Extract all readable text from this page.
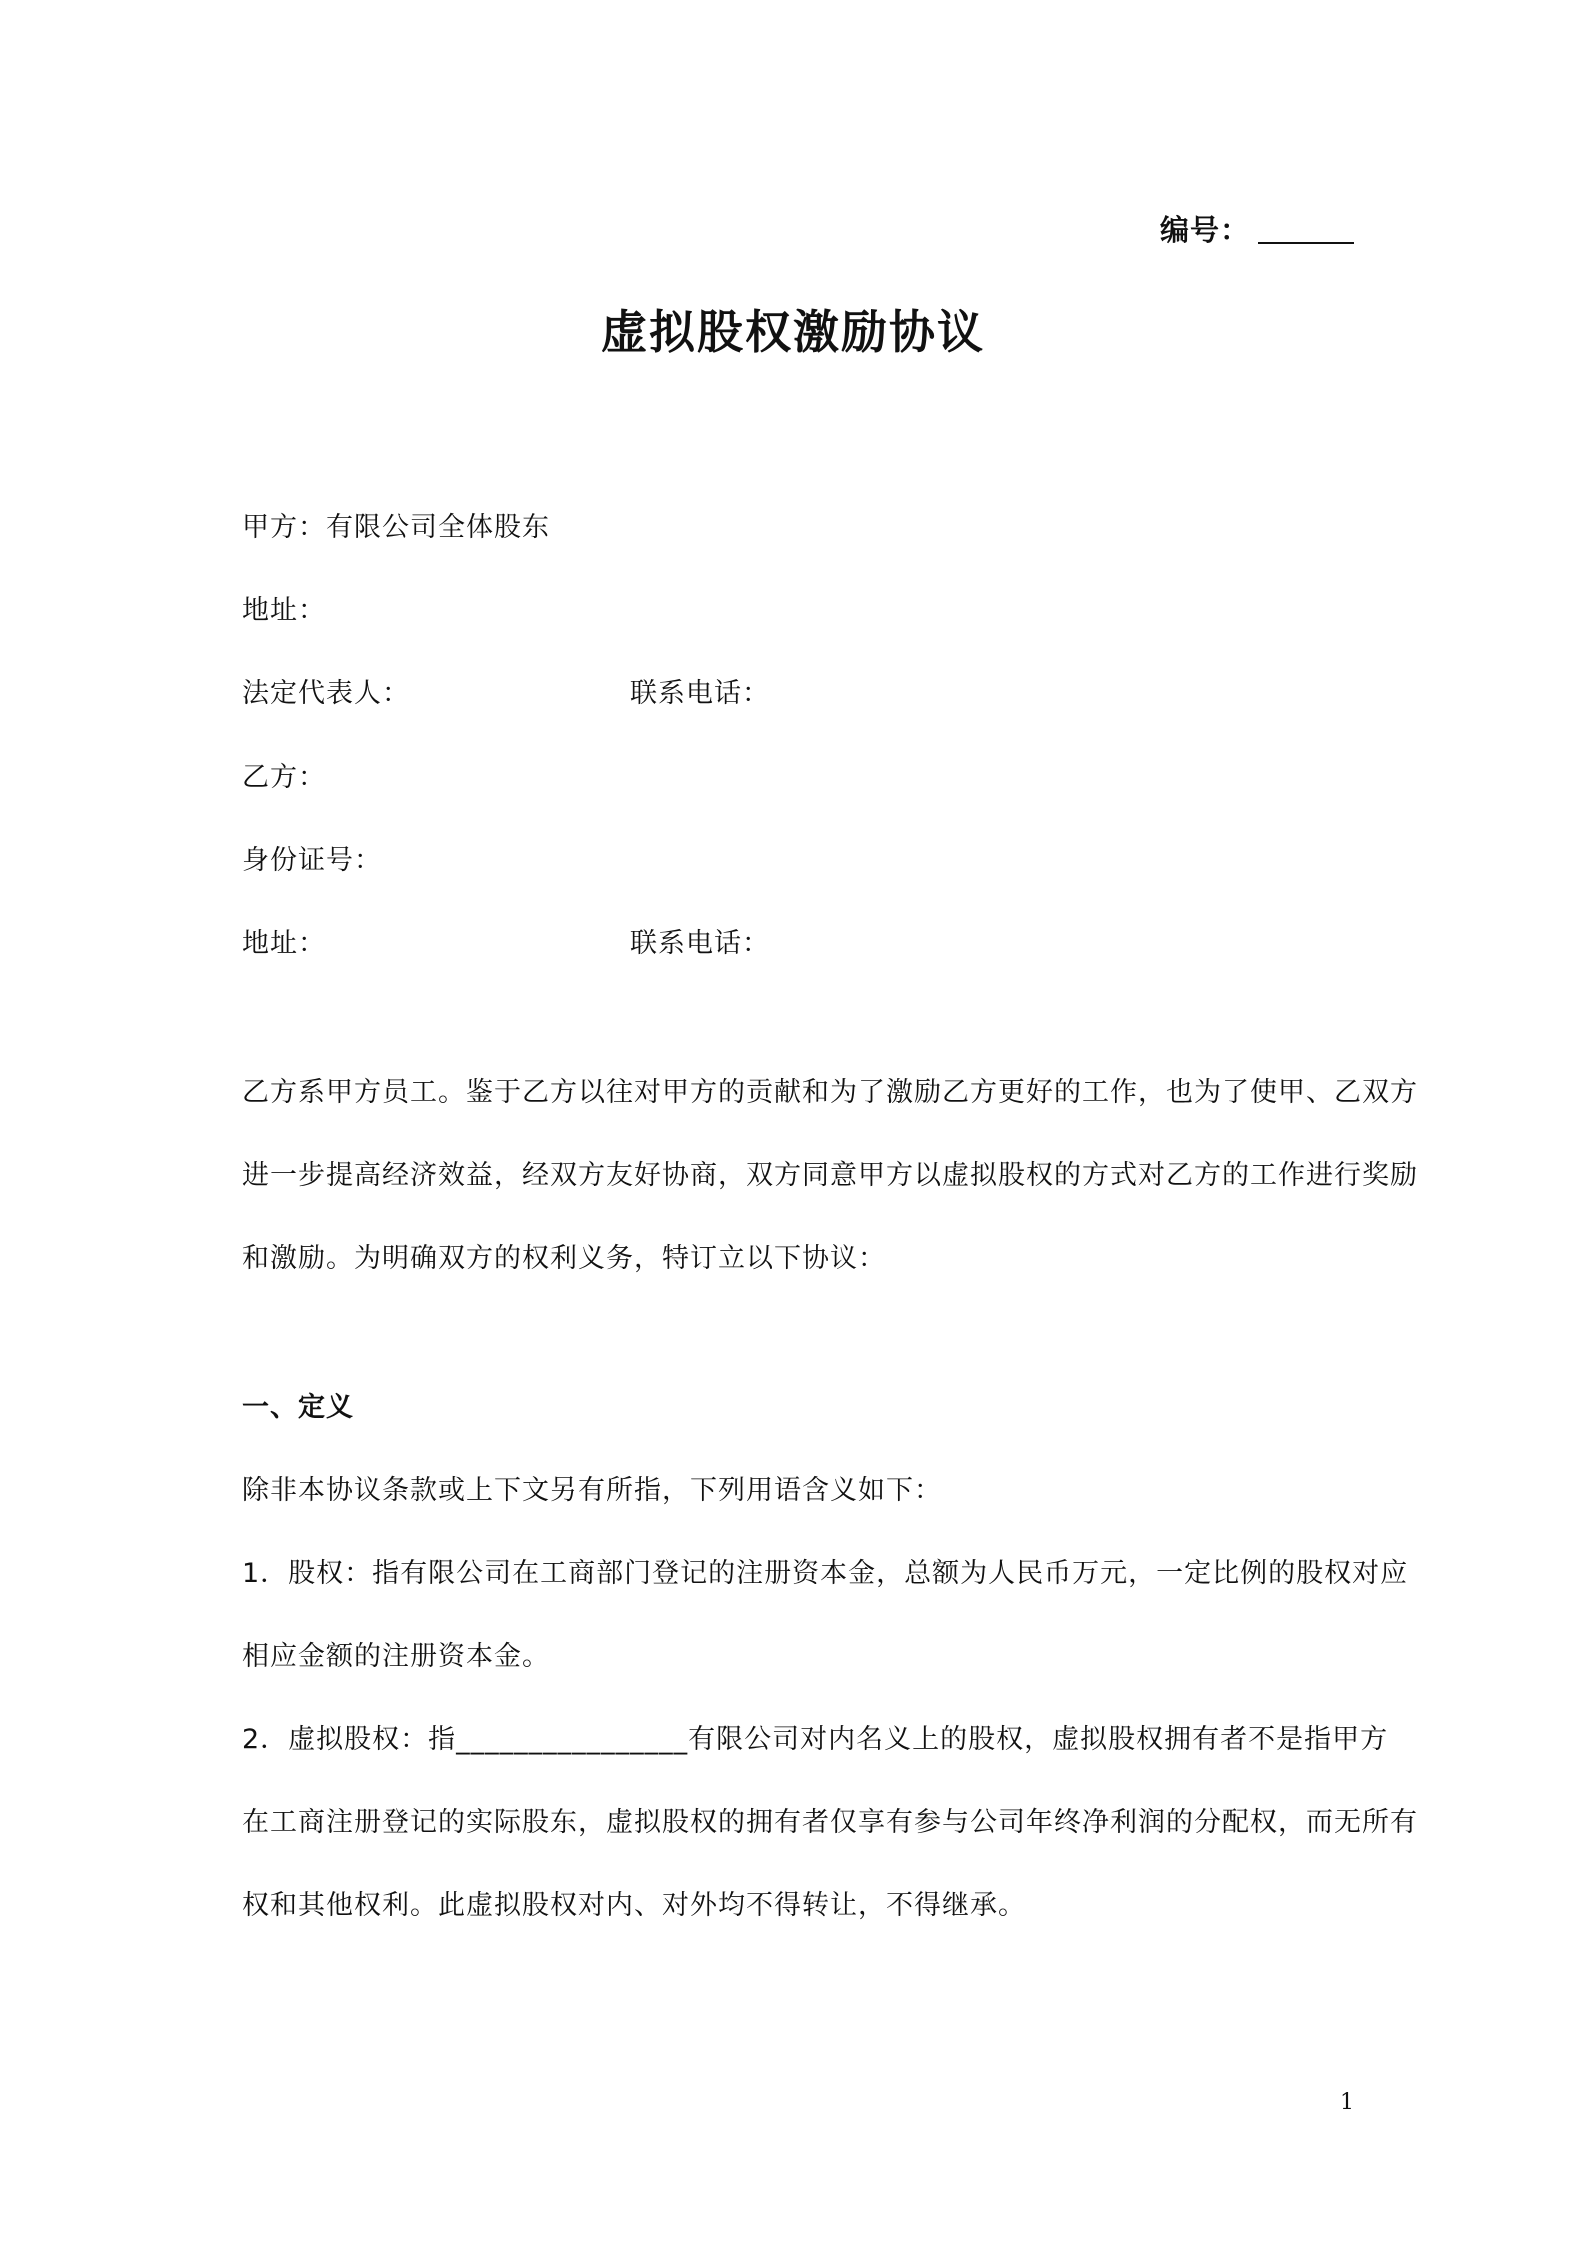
编号：
虚拟股权激励协议
甲方：有限公司全体股东
地址：
法定代表人：	联系电话：
乙方：
身份证号：
地址：	联系电话：
乙方系甲方员工。鉴于乙方以往对甲方的贡献和为了激励乙方更好的工作，也为了使甲、乙双方
进一步提高经济效益，经双方友好协商，双方同意甲方以虚拟股权的方式对乙方的工作进行奖励
和激励。为明确双方的权利义务，特订立以下协议：
一、定义
除非本协议条款或上下文另有所指，下列用语含义如下：
1．股权：指有限公司在工商部门登记的注册资本金，总额为人民币万元，一定比例的股权对应
相应金额的注册资本金。
2．虚拟股权：指________________有限公司对内名义上的股权，虚拟股权拥有者不是指甲方
在工商注册登记的实际股东，虚拟股权的拥有者仅享有参与公司年终净利润的分配权，而无所有
权和其他权利。此虚拟股权对内、对外均不得转让，不得继承。
1
